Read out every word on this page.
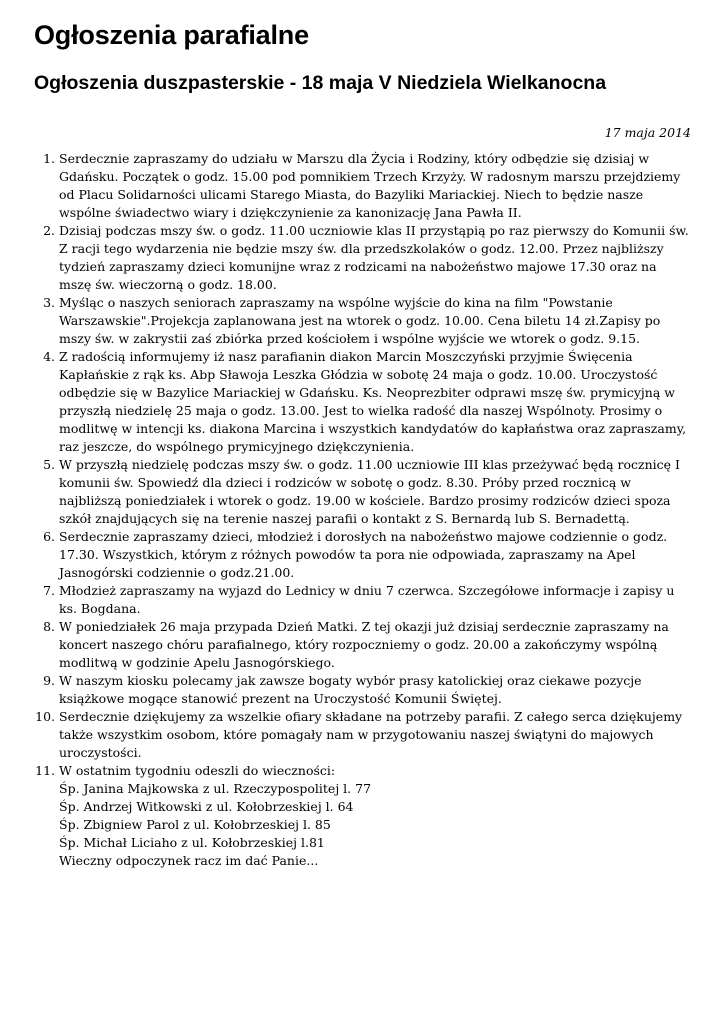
Ogłoszenia parafialne
Ogłoszenia duszpasterskie - 18 maja V Niedziela Wielkanocna
17 maja 2014
1. Serdecznie zapraszamy do udziału w Marszu dla Życia i Rodziny, który odbędzie się dzisiaj w Gdańsku. Początek o godz. 15.00 pod pomnikiem Trzech Krzyży. W radosnym marszu przejdziemy od Placu Solidarności ulicami Starego Miasta, do Bazyliki Mariackiej. Niech to będzie nasze wspólne świadectwo wiary i dziękczynienie za kanonizację Jana Pawła II.
2. Dzisiaj podczas mszy św. o godz. 11.00 uczniowie klas II przystąpią po raz pierwszy do Komunii św. Z racji tego wydarzenia nie będzie mszy św. dla przedszkolaków o godz. 12.00. Przez najbliższy tydzień zapraszamy dzieci komunijne wraz z rodzicami na nabożeństwo majowe 17.30 oraz na mszę św. wieczorną o godz. 18.00.
3. Myśląc o naszych seniorach zapraszamy na wspólne wyjście do kina na film "Powstanie Warszawskie".Projekcja zaplanowana jest na wtorek o godz. 10.00. Cena biletu 14 zł.Zapisy po mszy św. w zakrystii zaś zbiórka przed kościołem i wspólne wyjście we wtorek o godz. 9.15.
4. Z radością informujemy iż nasz parafianin diakon Marcin Moszczyński przyjmie Święcenia Kapłańskie z rąk ks. Abp Sławoja Leszka Głódzia w sobotę 24 maja o godz. 10.00. Uroczystość odbędzie się w Bazylice Mariackiej w Gdańsku. Ks. Neoprezbiter odprawi mszę św. prymicyjną w przyszłą niedzielę 25 maja o godz. 13.00. Jest to wielka radość dla naszej Wspólnoty. Prosimy o modlitwę w intencji ks. diakona Marcina i wszystkich kandydatów do kapłaństwa oraz zapraszamy, raz jeszcze, do wspólnego prymicyjnego dziękczynienia.
5. W przyszłą niedzielę podczas mszy św. o godz. 11.00 uczniowie III klas przeżywać będą rocznicę I komunii św. Spowiedź dla dzieci i rodziców w sobotę o godz. 8.30. Próby przed rocznicą w najbliższą poniedziałek i wtorek o godz. 19.00 w kościele. Bardzo prosimy rodziców dzieci spoza szkół znajdujących się na terenie naszej parafii o kontakt z S. Bernardą lub S. Bernadettą.
6. Serdecznie zapraszamy dzieci, młodzież i dorosłych na nabożeństwo majowe codziennie o godz. 17.30. Wszystkich, którym z różnych powodów ta pora nie odpowiada, zapraszamy na Apel Jasnogórski codziennie o godz.21.00.
7. Młodzież zapraszamy na wyjazd do Lednicy w dniu 7 czerwca. Szczegółowe informacje i zapisy u ks. Bogdana.
8. W poniedziałek 26 maja przypada Dzień Matki. Z tej okazji już dzisiaj serdecznie zapraszamy na koncert naszego chóru parafialnego, który rozpoczniemy o godz. 20.00 a zakończymy wspólną modlitwą w godzinie Apelu Jasnogórskiego.
9. W naszym kiosku polecamy jak zawsze bogaty wybór prasy katolickiej oraz ciekawe pozycje książkowe mogące stanowić prezent na Uroczystość Komunii Świętej.
10. Serdecznie dziękujemy za wszelkie ofiary składane na potrzeby parafii. Z całego serca dziękujemy także wszystkim osobom, które pomagały nam w przygotowaniu naszej świątyni do majowych uroczystości.
11. W ostatnim tygodniu odeszli do wieczności:
Śp. Janina Majkowska z ul. Rzeczypospolitej l. 77
Śp. Andrzej Witkowski z ul. Kołobrzeskiej l. 64
Śp. Zbigniew Parol z ul. Kołobrzeskiej l. 85
Śp. Michał Liciaho z ul. Kołobrzeskiej l.81
Wieczny odpoczynek racz im dać Panie...
